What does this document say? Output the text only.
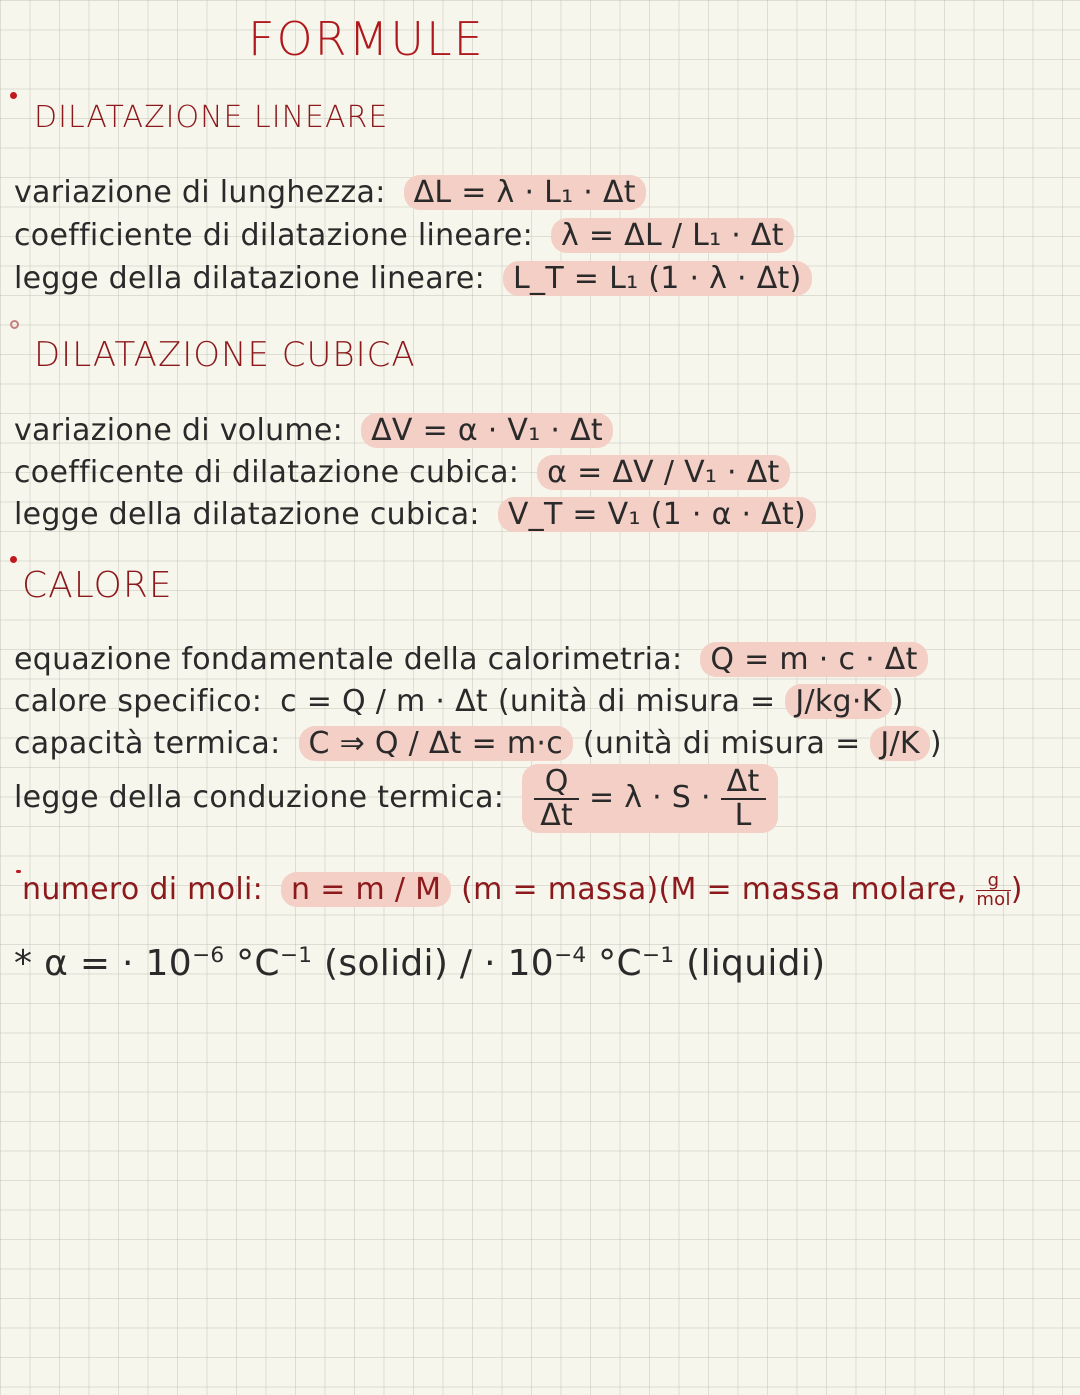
FORMULE
DILATAZIONE LINEARE
variazione di lunghezza: ΔL = λ · L₁ · Δt
coefficiente di dilatazione lineare: λ = ΔL / L₁ · Δt
legge della dilatazione lineare: L_T = L₁ (1 · λ · Δt)
DILATAZIONE CUBICA
variazione di volume: ΔV = α · V₁ · Δt
coefficente di dilatazione cubica: α = ΔV / V₁ · Δt
legge della dilatazione cubica: V_T = V₁ (1 · α · Δt)
CALORE
equazione fondamentale della calorimetria: Q = m · c · Δt
calore specifico: c = Q / m · Δt (unità di misura = J/kg·K )
capacità termica: C ⇒ Q / Δt = m·c (unità di misura = J/K )
legge della conduzione termica: $\frac{Q}{\Delta t} = \lambda \cdot S \cdot \frac{\Delta t}{L}$
numero di moli: n = m / M (m = massa)(M = massa molare, $\frac{g}{\text{mol}}$ )
* α = · $10^{-6}$ $^\circ C^{-1}$ (solidi) / · $10^{-4}$ $^\circ C^{-1}$ (liquidi)
